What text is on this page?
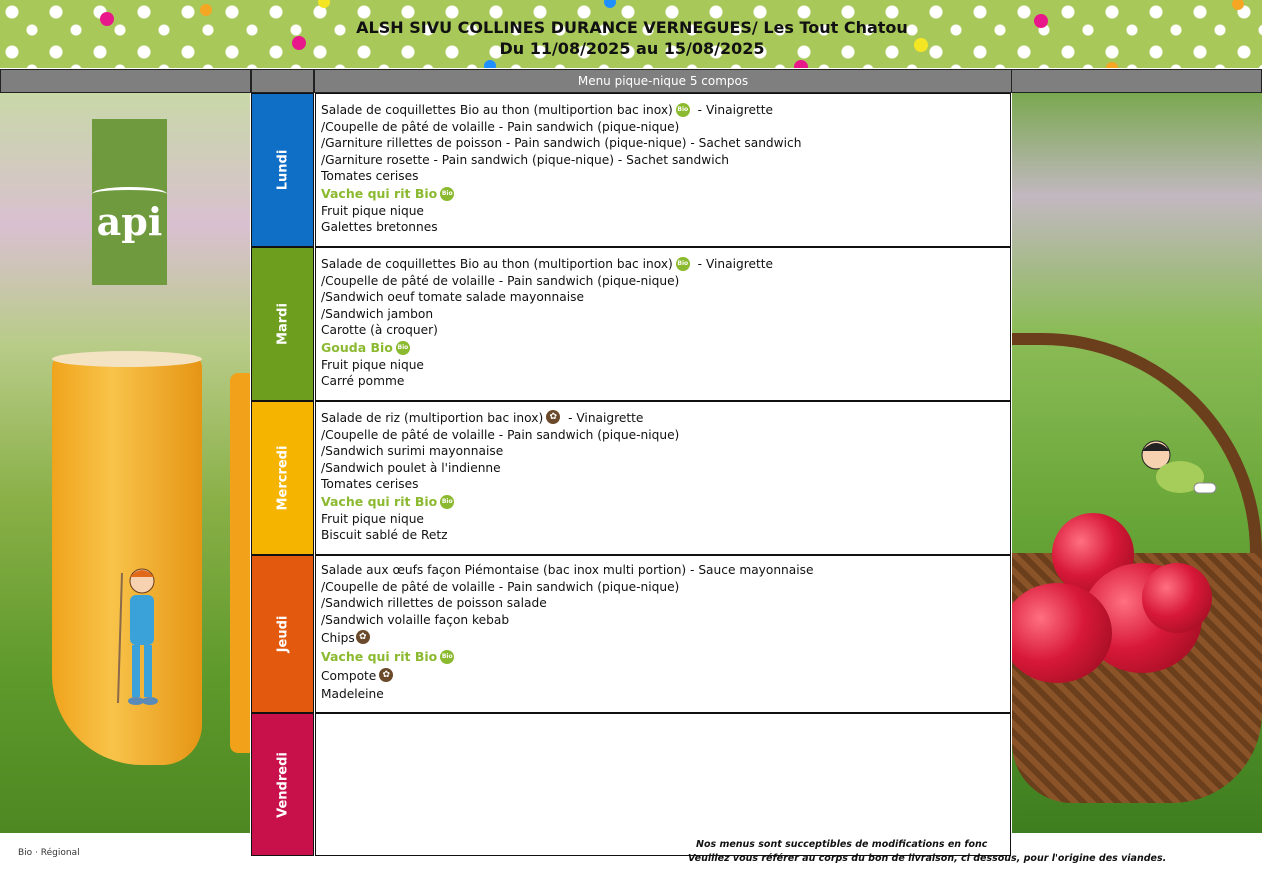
ALSH SIVU COLLINES DURANCE VERNEGUES/ Les Tout Chatou
Du 11/08/2025 au 15/08/2025
Menu pique-nique 5 compos
api
Lundi
Mardi
Mercredi
Jeudi
Vendredi
Salade de coquillettes Bio au thon (multiportion bac inox) Bio - Vinaigrette
/Coupelle de pâté de volaille - Pain sandwich (pique-nique)
/Garniture rillettes de poisson - Pain sandwich (pique-nique) - Sachet sandwich
/Garniture rosette - Pain sandwich (pique-nique) - Sachet sandwich
Tomates cerises
Vache qui rit Bio Bio
Fruit pique nique
Galettes bretonnes
Salade de coquillettes Bio au thon (multiportion bac inox) Bio - Vinaigrette
/Coupelle de pâté de volaille - Pain sandwich (pique-nique)
/Sandwich oeuf tomate salade mayonnaise
/Sandwich jambon
Carotte (à croquer)
Gouda Bio Bio
Fruit pique nique
Carré pomme
Salade de riz (multiportion bac inox) ✿ - Vinaigrette
/Coupelle de pâté de volaille - Pain sandwich (pique-nique)
/Sandwich surimi mayonnaise
/Sandwich poulet à l'indienne
Tomates cerises
Vache qui rit Bio Bio
Fruit pique nique
Biscuit sablé de Retz
Salade aux œufs façon Piémontaise (bac inox multi portion) - Sauce mayonnaise
/Coupelle de pâté de volaille - Pain sandwich (pique-nique)
/Sandwich rillettes de poisson salade
/Sandwich volaille façon kebab
Chips ✿
Vache qui rit Bio Bio
Compote ✿
Madeleine
Bio · Régional
Nos menus sont succeptibles de modifications en fonc
Veuillez vous référer au corps du bon de livraison, ci dessous, pour l'origine des viandes.
